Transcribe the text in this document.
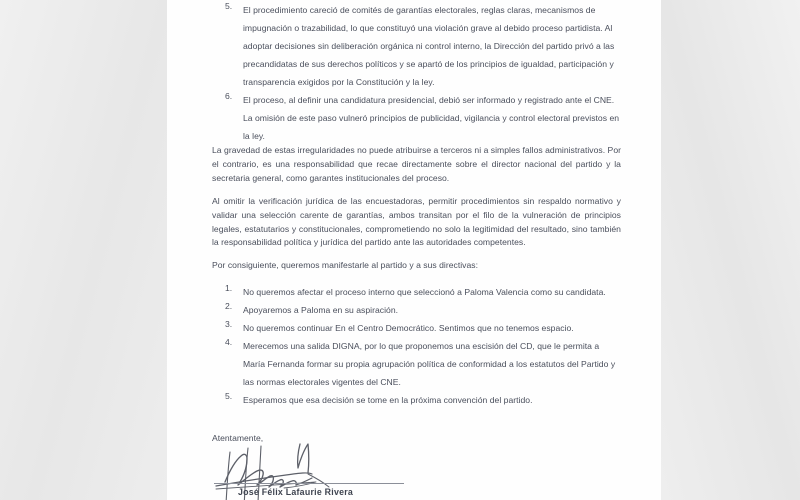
5.	El procedimiento careció de comités de garantías electorales, reglas claras, mecanismos de impugnación o trazabilidad, lo que constituyó una violación grave al debido proceso partidista. Al adoptar decisiones sin deliberación orgánica ni control interno, la Dirección del partido privó a las precandidatas de sus derechos políticos y se apartó de los principios de igualdad, participación y transparencia exigidos por la Constitución y la ley.
6.	El proceso, al definir una candidatura presidencial, debió ser informado y registrado ante el CNE. La omisión de este paso vulneró principios de publicidad, vigilancia y control electoral previstos en la ley.

La gravedad de estas irregularidades no puede atribuirse a terceros ni a simples fallos administrativos. Por el contrario, es una responsabilidad que recae directamente sobre el director nacional del partido y la secretaria general, como garantes institucionales del proceso.

Al omitir la verificación jurídica de las encuestadoras, permitir procedimientos sin respaldo normativo y validar una selección carente de garantías, ambos transitan por el filo de la vulneración de principios legales, estatutarios y constitucionales, comprometiendo no solo la legitimidad del resultado, sino también la responsabilidad política y jurídica del partido ante las autoridades competentes.

Por consiguiente, queremos manifestarle al partido y a sus directivas:

1.	No queremos afectar el proceso interno que seleccionó a Paloma Valencia como su candidata.
2.	Apoyaremos a Paloma en su aspiración.
3.	No queremos continuar En el Centro Democrático. Sentimos que no tenemos espacio.
4.	Merecemos una salida DIGNA, por lo que proponemos una escisión del CD, que le permita a María Fernanda formar su propia agrupación política de conformidad a los estatutos del Partido y las normas electorales vigentes del CNE.
5.	Esperamos que esa decisión se tome en la próxima convención del partido.

Atentamente,

José Félix Lafaurie Rivera
